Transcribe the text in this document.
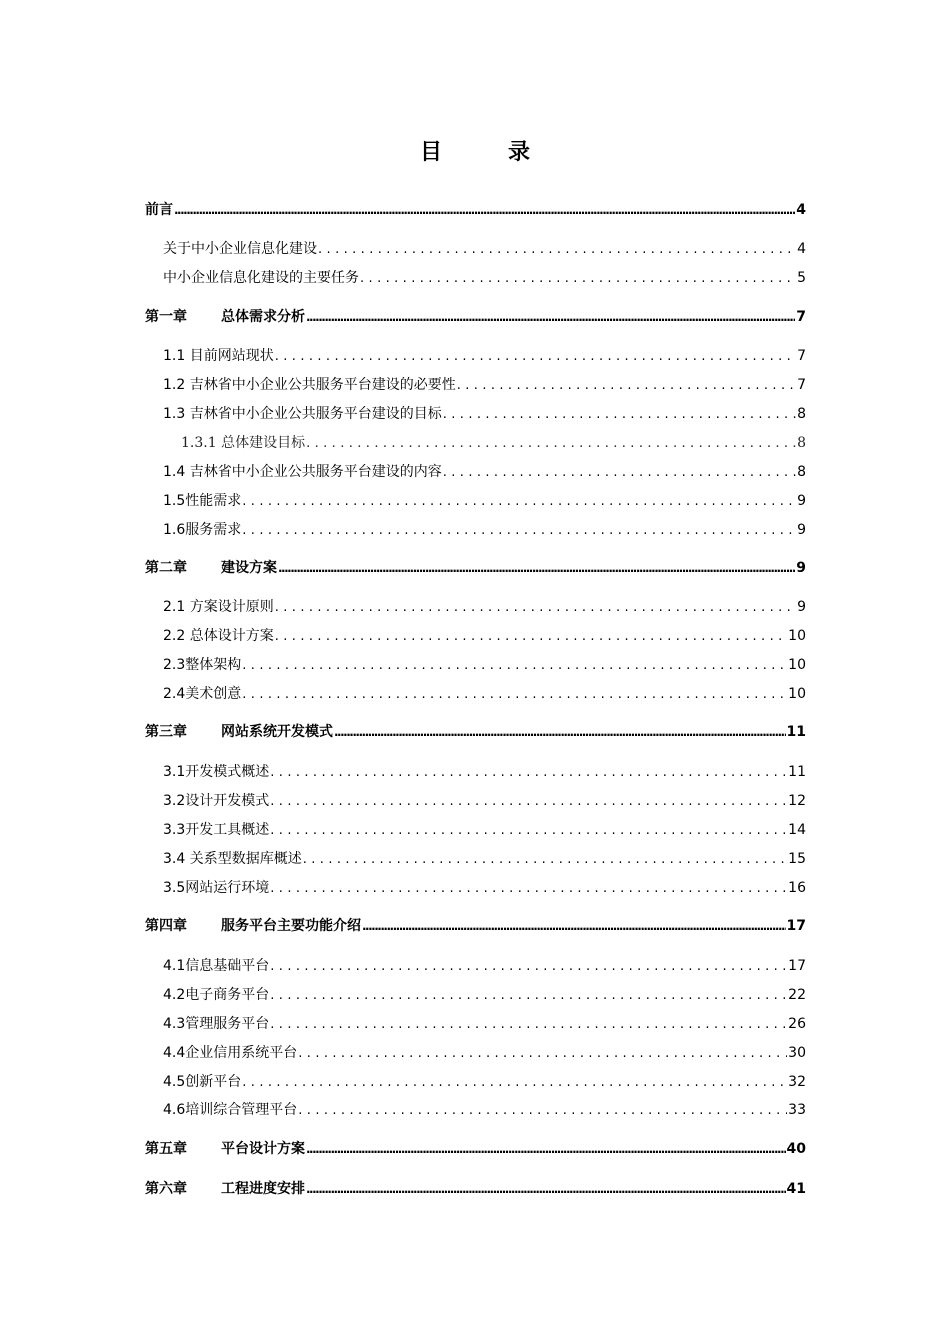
目　录
前言 .....	4
关于中小企业信息化建设 .....	4
中小企业信息化建设的主要任务 .....	5
第一章 总体需求分析 .....	7
1.1 目前网站现状 .....	7
1.2 吉林省中小企业公共服务平台建设的必要性 .....	7
1.3 吉林省中小企业公共服务平台建设的目标 .....	8
1.3.1 总体建设目标 .....	8
1.4 吉林省中小企业公共服务平台建设的内容 .....	8
1.5性能需求 .....	9
1.6服务需求 .....	9
第二章 建设方案 .....	9
2.1 方案设计原则 .....	9
2.2 总体设计方案 .....	10
2.3整体架构 .....	10
2.4美术创意 .....	10
第三章 网站系统开发模式 .....	11
3.1开发模式概述 .....	11
3.2设计开发模式 .....	12
3.3开发工具概述 .....	14
3.4 关系型数据库概述 .....	15
3.5网站运行环境 .....	16
第四章 服务平台主要功能介绍 .....	17
4.1信息基础平台 .....	17
4.2电子商务平台 .....	22
4.3管理服务平台 .....	26
4.4企业信用系统平台 .....	30
4.5创新平台 .....	32
4.6培训综合管理平台 .....	33
第五章 平台设计方案 .....	40
第六章 工程进度安排 .....	41
